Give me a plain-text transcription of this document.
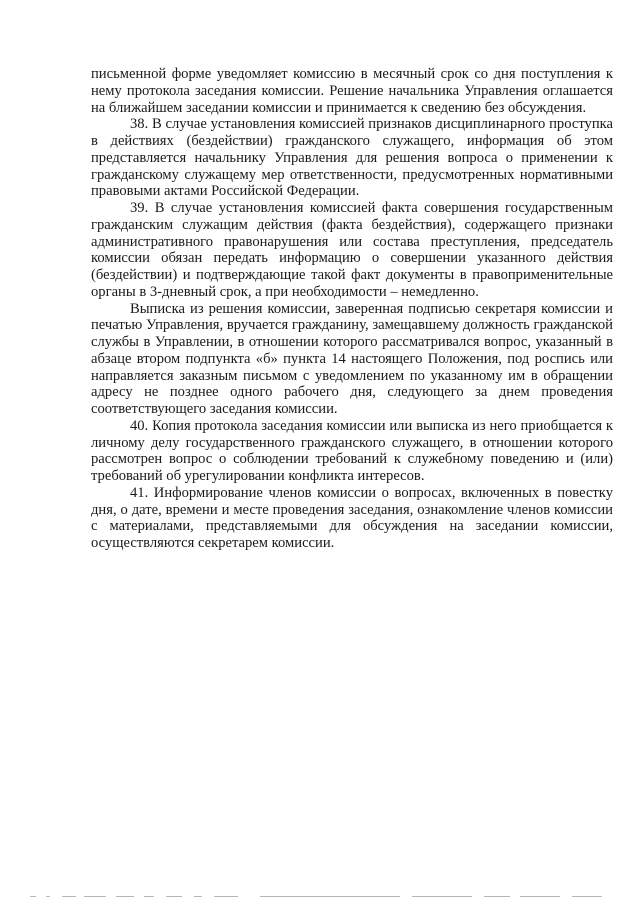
письменной форме уведомляет комиссию в месячный срок со дня поступления к нему протокола заседания комиссии. Решение начальника Управления оглашается на ближайшем заседании комиссии и принимается к сведению без обсуждения.

38. В случае установления комиссией признаков дисциплинарного проступка в действиях (бездействии) гражданского служащего, информация об этом представляется начальнику Управления для решения вопроса о применении к гражданскому служащему мер ответственности, предусмотренных нормативными правовыми актами Российской Федерации.

39. В случае установления комиссией факта совершения государственным гражданским служащим действия (факта бездействия), содержащего признаки административного правонарушения или состава преступления, председатель комиссии обязан передать информацию о совершении указанного действия (бездействии) и подтверждающие такой факт документы в правоприменительные органы в 3-дневный срок, а при необходимости – немедленно.

Выписка из решения комиссии, заверенная подписью секретаря комиссии и печатью Управления, вручается гражданину, замещавшему должность гражданской службы в Управлении, в отношении которого рассматривался вопрос, указанный в абзаце втором подпункта «б» пункта 14 настоящего Положения, под роспись или направляется заказным письмом с уведомлением по указанному им в обращении адресу не позднее одного рабочего дня, следующего за днем проведения соответствующего заседания комиссии.

40. Копия протокола заседания комиссии или выписка из него приобщается к личному делу государственного гражданского служащего, в отношении которого рассмотрен вопрос о соблюдении требований к служебному поведению и (или) требований об урегулировании конфликта интересов.

41. Информирование членов комиссии о вопросах, включенных в повестку дня, о дате, времени и месте проведения заседания, ознакомление членов комиссии с материалами, представляемыми для обсуждения на заседании комиссии, осуществляются секретарем комиссии.
